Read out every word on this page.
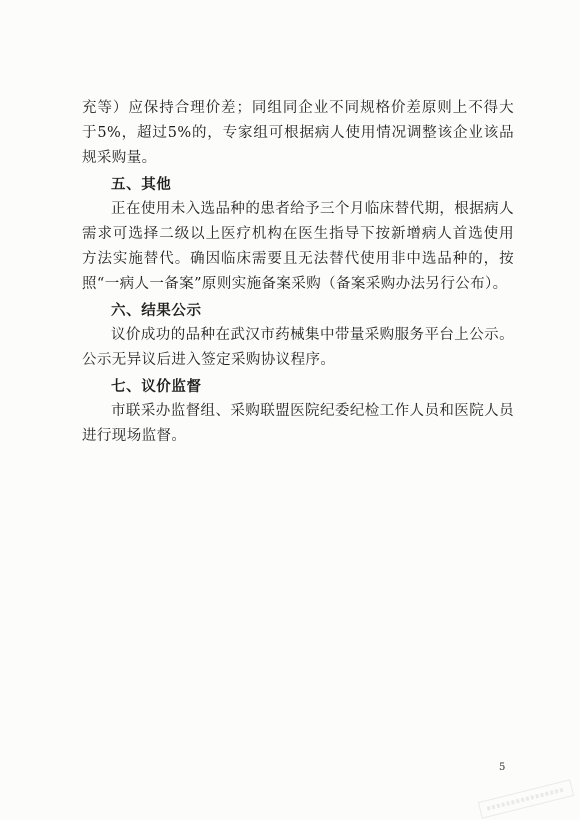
充等）应保持合理价差；同组同企业不同规格价差原则上不得大于5%，超过5%的，专家组可根据病人使用情况调整该企业该品规采购量。

五、其他

正在使用未入选品种的患者给予三个月临床替代期，根据病人需求可选择二级以上医疗机构在医生指导下按新增病人首选使用方法实施替代。确因临床需要且无法替代使用非中选品种的，按照“一病人一备案”原则实施备案采购（备案采购办法另行公布）。

六、结果公示

议价成功的品种在武汉市药械集中带量采购服务平台上公示。公示无异议后进入签定采购协议程序。

七、议价监督

市联采办监督组、采购联盟医院纪委纪检工作人员和医院人员进行现场监督。

5
